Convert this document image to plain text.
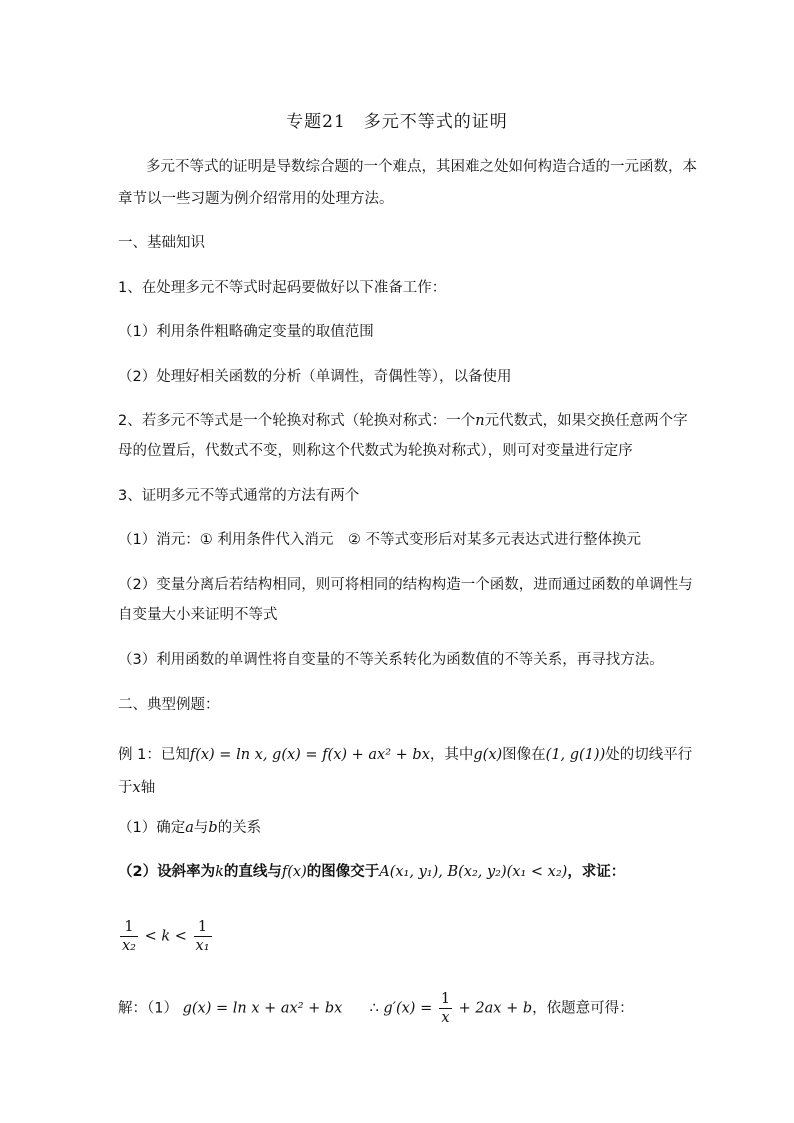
专题21　多元不等式的证明
多元不等式的证明是导数综合题的一个难点，其困难之处如何构造合适的一元函数，本
章节以一些习题为例介绍常用的处理方法。
一、基础知识
1、在处理多元不等式时起码要做好以下准备工作：
（1）利用条件粗略确定变量的取值范围
（2）处理好相关函数的分析（单调性，奇偶性等），以备使用
2、若多元不等式是一个轮换对称式（轮换对称式：一个n元代数式，如果交换任意两个字
母的位置后，代数式不变，则称这个代数式为轮换对称式），则可对变量进行定序
3、证明多元不等式通常的方法有两个
（1）消元：① 利用条件代入消元　② 不等式变形后对某多元表达式进行整体换元
（2）变量分离后若结构相同，则可将相同的结构构造一个函数，进而通过函数的单调性与
自变量大小来证明不等式
（3）利用函数的单调性将自变量的不等关系转化为函数值的不等关系，再寻找方法。
二、典型例题：
例 1：已知f(x) = ln x, g(x) = f(x) + ax² + bx，其中g(x)图像在(1, g(1))处的切线平行
于x轴
（1）确定a与b的关系
（2）设斜率为k的直线与f(x)的图像交于A(x₁, y₁), B(x₂, y₂)(x₁ < x₂)，求证：
$\frac{1}{\text{x₂}} < k < \frac{1}{\text{x₁}}$
解：（1） g(x) = ln x + ax² + bx ∴ $g'(x) = \frac{1}{x} + 2ax + b$，依题意可得：
